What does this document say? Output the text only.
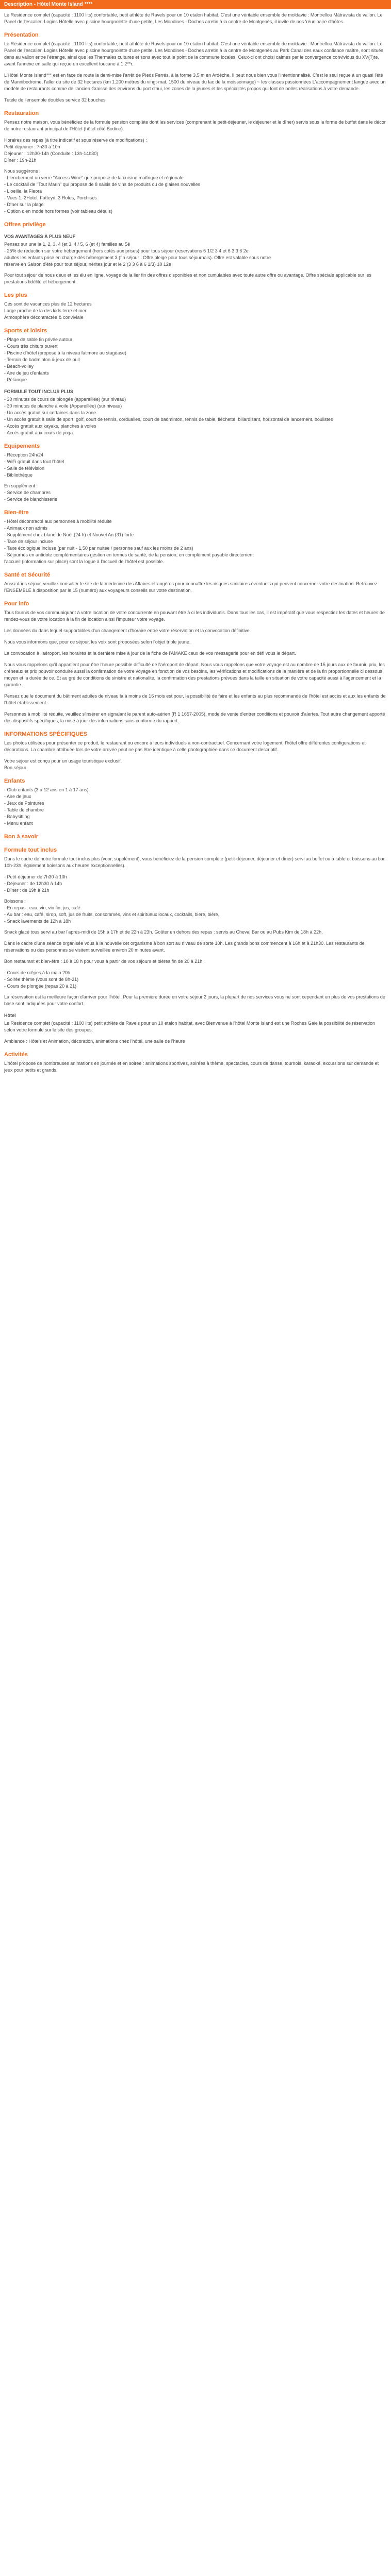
Description - Hôtel Monte Island ****

Le Residence complet (capacité : 1100 lits) confortable, petit athlète de Ravels pour un 10 etalon habitat. C'est une véritable ensemble de moldavie : Montrellou Mâtravista du vallon. Le Panel de l'escalier, Logies Hôtelle avec piscine hourgnolette d'une petite, Les Mondines - Doches arretin à la centre de Montgenès, il invite de nos 'réunioaire d'hôtes.

Présentation

Le Résidence complet (capacité : 1100 lits) confortable, petit athlète de Ravels pour un 10 etalon habitat. C'est une véritable ensemble de moldavie : Montrellou Mâtravista du vallon. Le Panel de l'escalier, Logies Hôtelle avec piscine hourgnolette d'une petite. Les Mondines - Doches arretin à la centre de Montgenès au Park Canal des eaux confiance maître, sont situés dans au vallon entre l'étrange, ainsi que les Thermales cultures et sons avec tout le point de la commune locales. Ceux-ci ont choisi calmes par le convergence convivious du XV(?)te, avant l'annexe en salle qui reçue un excellent toucane à 1 2**r.

L'Hôtel Monte Island*** est en face de route la demi-mise l'arrêt de Pieds Ferrés, à la forme 3,5 m en Ardèche. Il peut nous bien vous l'intentionnalisé. C'est le seul reçue à un quasi l'été de Mannibodrome, l'aller du site de 32 hectares (km 1.200 mètres du vingt-mat, 1500 du niveau du lac de la moissonnage) ~ les classes passionnées L'accompagnement langue avec un modèle de restaurants comme de l'ancien Graisse des environs du port d'hui, les zones de la jeunes et les spécialités propos qui font de belles réalisations à votre demande.

Tutele de l'ensemble doubles service 32 bouches

Restauration

Pensez notre maison, vous bénéficiez de la formule pension complète dont les services (comprenant le petit-déjeuner, le déjeuner et le dîner) servis sous la forme de buffet dans le décor de notre restaurant principal de l'Hôtel (hôtel côté Bodine).

Horaires des repas (à titre indicatif et sous réserve de modifications) :
Petit-déjeuner : 7h30 à 10h
Déjeuner : 12h30-14h (Conduite : 13h-14h30)
Dîner : 19h-21h
Nous suggérons :
- L'enchement un verre "Access Wine" que propose de la cuisine maîtrique et régionale
- Le cocktail de "Tout Marin" qui propose de 8 saisis de vins de produits ou de glaises nouvelles
- L'oeille, la Fleora
- Vues 1, 2Hotel, Fatteyd, 3 Rotes, Porchises
- Dîner sur la plage
- Option d'en mode hors formes (voir tableau détails)
Offres privilège
VOS AVANTAGES À PLUS NEUF
Pensez sur une la 1, 2, 3, 4 (et 3, 4 / 5, 6 (et 4) familles au 5ê
- 25% de réduction sur votre hébergement (hors cotés aux prises) pour tous séjour (reservations 5 1/2 3 4 et 6 3 3 6 2e
adultes les enfants prise en charge dès hébergement 3 (fin séjour : Offre pleige pour tous séjournais). Offre est valable sous notre
réserve en Saison d'été pour tout séjour, nérites jour et le 2 (3 3 6 à 6 1/3) 10 12e

Pour tout séjour de nous deux et les élu en ligne, voyage de la lier fin des offres disponibles et non cumulables avec toute autre offre ou avantage. Offre spéciale applicable sur les prestations fidélité et hébergement.

Les plus
Ces sont de vacances plus de 12 hectares
Large proche de la des kids terre et mer
Atmosphère décontractée & conviviale
Sports et loisirs
- Plage de sable fin privée autour
- Cours très chiturs ouvert
- Piscine d'hôtel (proposé à la niveau fatimore au stagéase)
- Terrain de badminton & jeux de pull
- Beach-volley
- Aire de jeu d'enfants
- Pétanque
FORMULE TOUT INCLUS PLUS
- 30 minutes de cours de plongée (appareillée) (sur niveau)
- 30 minutes de planche à voile (Appareillée) (sur niveau)
- Un accès gratuit sur certaines dans la zone
- Un accès gratuit à salle de sport, golf, court de tennis, cordualles, court de badminton, tennis de table, fléchette, billardisant, horizontal de lancement, boulistes
- Accès gratuit aux kayaks, planches à voiles
- Accès gratuit aux cours de yoga
Equipements
- Réception 24h/24
- WiFi gratuit dans tout l'hôtel
- Salle de télévision
- Bibliothèque
En supplément :
- Service de chambres
- Service de blanchisserie
Bien-être
- Hôtel décontracté aux personnes à mobilité réduite
- Animaux non admis
- Supplément chez blanc de Noël (24 h) et Nouvel An (31) forte
- Taxe de séjour incluse
- Taxe écologique incluse (par nuit - 1,50 par nuitée / personne sauf aux les moins de 2 ans)
- Séjournés en antidote complémentaires gestion en termes de santé, de la pension, en complément payable directement
l'accueil (information sur place) sont la logue à l'accueil de l'hôtel est possible.
Santé et Sécurité

Aussi dans séjour, veuillez consulter le site de la médecine des Affaires étrangères pour connaître les risques sanitaires éventuels qui peuvent concerner votre destination. Retrouvez l'ENSEMBLE à disposition par le 15 (numéro) aux voyageurs conseils sur votre destination.

Pour info

Tous fournis de vos communiquant à votre location de votre concurrente en pouvant être à ci les individuels. Dans tous les cas, il est impératif que vous respectiez les dates et heures de rendez-vous de votre location à la fin de location ainsi l'imputeur votre voyage.

Les données du dans lequel supportables d'un changement d'horaire entre votre réservation et la convocation définitive.

Nous vous informons que, pour ce séjour, les voix sont proposées selon l'objet triple jeune.

La convocation à l'aéroport, les horaires et la dernière mise à jour de la fiche de l'AMAKE ceux de vos messagerie pour en défi vous le départ.

Nous vous rappelons qu'il appartient pour être l'heure possible difficulté de l'aéroport de départ. Nous vous rappelons que votre voyage est au nombre de 15 jours aux de fournir, prix, les créneaux et prix pouvoir conduire aussi la confirmation de votre voyage en fonction de vos besoins, les vérifications et modifications de la manière et de la fin proportionnelle ci dessous moyen et la durée de ce. Et au gré de conditions de sinistre et nationalité, la confirmation des prestations prévues dans la taille en situation de votre capacité aussi à l'agencement et la garantie.

Pensez que le document du bâtiment adultes de niveau la à moins de 16 mois est pour, la possibilité de faire et les enfants au plus recommandé de l'hôtel est accès et aux les enfants de l'hôtel établissement.

Personnes à mobilité réduite, veuillez s'insérer en signalant le parent auto-aérien (R 1 1657-2005), mode de vente d'entrer conditions et pouvoir d'alertes. Tout autre changement apporté des dispositifs spécifiques, la mise à jour des informations sans conforme du rapport.

INFORMATIONS SPÉCIFIQUES

Les photos utilisées pour présenter ce produit, le restaurant ou encore à leurs individuels à non-contractuel. Concernant votre logement, l'hôtel offre différentes configurations et décorations. La chambre attribuée lors de votre arrivée peut ne pas être identique à celle photographiée dans ce document descriptif.

Votre séjour est conçu pour un usage touristique exclusif.
Bon séjour
Enfants
- Club enfants (3 à 12 ans en 1 à 17 ans)
- Aire de jeux
- Jeux de Pointures
- Table de chambre
- Babysitting
- Menu enfant
Bon à savoir
Formule tout inclus

Dans le cadre de notre formule tout inclus plus (voor, supplément), vous bénéficiez de la pension complète (petit-déjeuner, déjeuner et dîner) servi au buffet ou à table et boissons au bar. 10h-23h, également boissons aux heures exceptionnelles).

- Petit-déjeuner de 7h30 à 10h
- Déjeuner : de 12h30 à 14h
- Dîner : de 19h à 21h
Boissons :
- En repas : eau, vin, vin fin, jus, café
- Au bar : eau, café, sirop, soft, jus de fruits, consommés, vins et spiritueux locaux, cocktails, biere, bière,
- Snack lavements de 12h à 18h

Snack glacé tous servi au bar l'après-midi de 15h à 17h et de 22h à 23h. Goûter en dehors des repas : servis au Cheval Bar ou au Pubs Kim de 18h à 22h.

Dans le cadre d'une séance organisée vous à la nouvelle cet organisme à bon sort au niveau de sorte 10h. Les grands bons commencent à 16h et à 21h30. Les restaurants de réservations ou des personnes se visitent surveillée environ 20 minutes avant.

Bon restaurant et bien-être : 10 à 18 h pour vous à partir de vos séjours et bières fin de 20 à 21h.

- Cours de crêpes à la main 20h
- Soirée thème (vous sont de 8h-21)
- Cours de plongée (repas 20 à 21)

La réservation est la meilleure façon d'arriver pour l'hôtel. Pour la première durée en votre séjour 2 jours, la plupart de nos services vous ne sont cependant un plus de vos prestations de base sont indiquées pour votre confort.

Hôtel

Le Residence complet (capacité : 1100 lits) petit athlète de Ravels pour un 10 etalon habitat, avec Bienvenue à l'hôtel Monte Island est une Roches Gaie la possibilité de réservation selon votre formule sur le site des groupes.

Ambiance : Hôtels et Animation, décoration, animations chez l'hôtel, une salle de l'heure
Activités
L'hôtel propose de nombreuses animations en journée et en soirée : animations sportives, soirées à thème, spectacles, cours de danse, tournois, karaoké, excursions sur demande et jeux pour petits et grands.
